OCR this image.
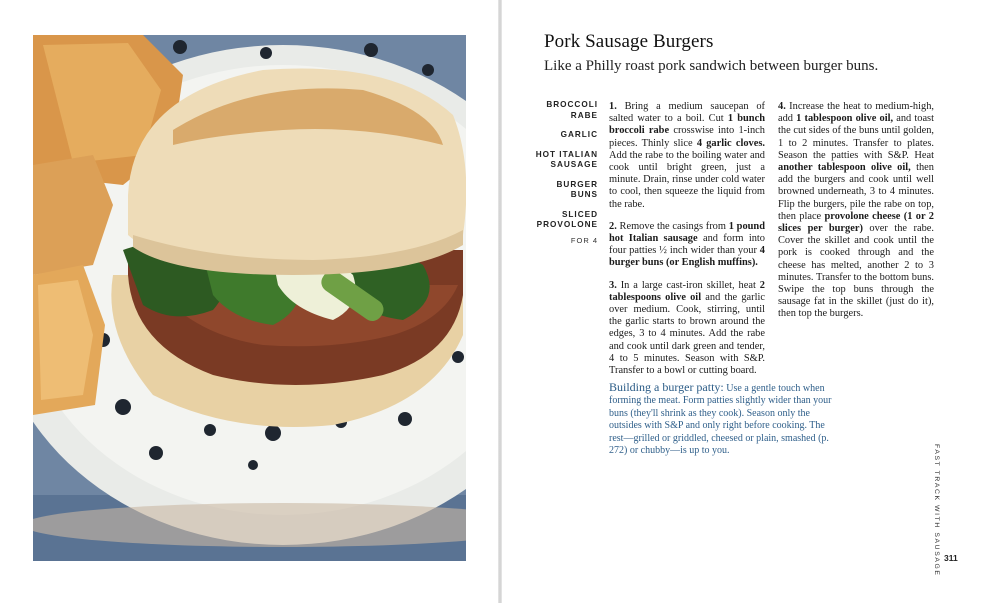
Pork Sausage Burgers
Like a Philly roast pork sandwich between burger buns.
BROCCOLI RABE
GARLIC
HOT ITALIAN SAUSAGE
BURGER BUNS
SLICED PROVOLONE
FOR 4

1. Bring a medium saucepan of salted water to a boil. Cut 1 bunch broccoli rabe crosswise into 1-inch pieces. Thinly slice 4 garlic cloves. Add the rabe to the boiling water and cook until bright green, just a minute. Drain, rinse under cold water to cool, then squeeze the liquid from the rabe.

2. Remove the casings from 1 pound hot Italian sausage and form into four patties ½ inch wider than your 4 burger buns (or English muffins).

3. In a large cast-iron skillet, heat 2 tablespoons olive oil and the garlic over medium. Cook, stirring, until the garlic starts to brown around the edges, 3 to 4 minutes. Add the rabe and cook until dark green and tender, 4 to 5 minutes. Season with S&P. Transfer to a bowl or cutting board.

4. Increase the heat to medium-high, add 1 tablespoon olive oil, and toast the cut sides of the buns until golden, 1 to 2 minutes. Transfer to plates. Season the patties with S&P. Heat another tablespoon olive oil, then add the burgers and cook until well browned underneath, 3 to 4 minutes. Flip the burgers, pile the rabe on top, then place provolone cheese (1 or 2 slices per burger) over the rabe. Cover the skillet and cook until the pork is cooked through and the cheese has melted, another 2 to 3 minutes. Transfer to the bottom buns. Swipe the top buns through the sausage fat in the skillet (just do it), then top the burgers.

Building a burger patty: Use a gentle touch when forming the meat. Form patties slightly wider than your buns (they'll shrink as they cook). Season only the outsides with S&P and only right before cooking. The rest—grilled or griddled, cheesed or plain, smashed (p. 272) or chubby—is up to you.	FAST TRACK WITH SAUSAGE 311
